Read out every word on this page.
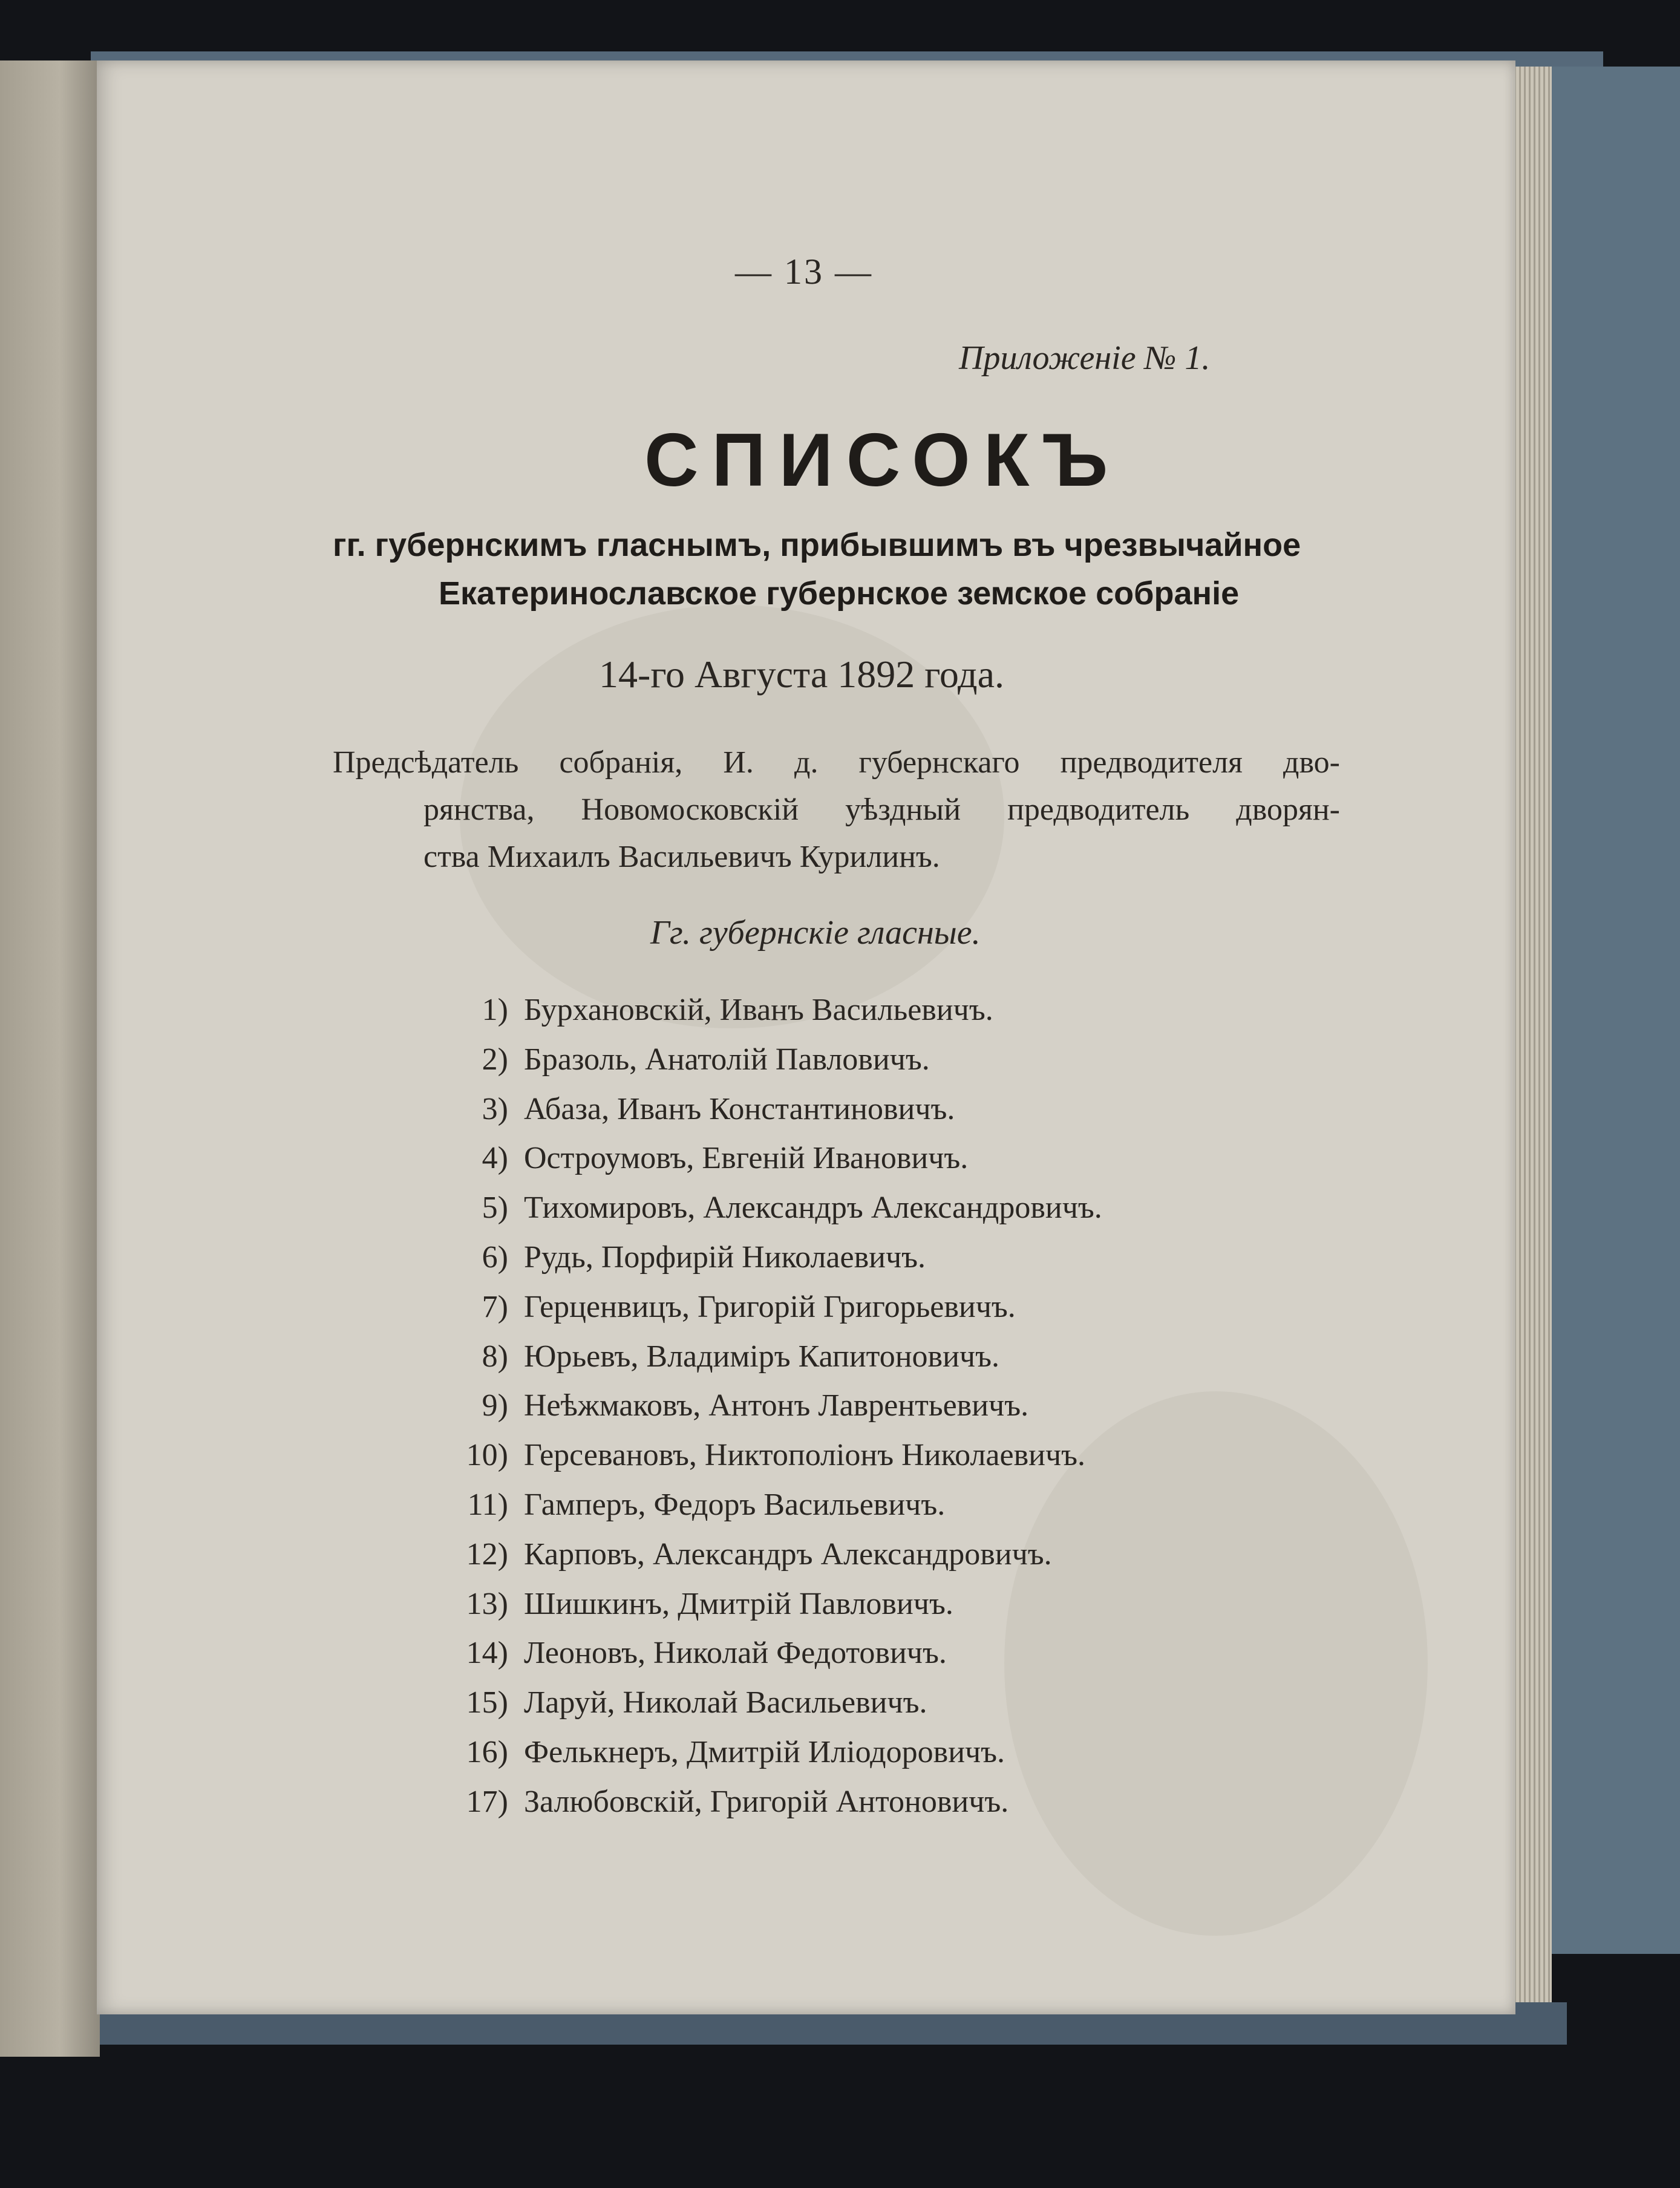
— 13 —
Приложенiе № 1.
СПИСОКЪ
гг. губернскимъ гласнымъ, прибывшимъ въ чрезвычайное
Екатеринославское губернское земское собранiе
14-го Августа 1892 года.
Предсѣдатель собранiя, И. д. губернскаго предводителя дво-
рянства, Новомосковскiй уѣздный предводитель дворян-
ства Михаилъ Васильевичъ Курилинъ.
Гг. губернскiе гласные.
1) Бурхановскiй, Иванъ Васильевичъ.
2) Бразоль, Анатолiй Павловичъ.
3) Абаза, Иванъ Константиновичъ.
4) Остроумовъ, Евгенiй Ивановичъ.
5) Тихомировъ, Александръ Александровичъ.
6) Рудь, Порфирiй Николаевичъ.
7) Герценвицъ, Григорiй Григорьевичъ.
8) Юрьевъ, Владимiръ Капитоновичъ.
9) Неѣжмаковъ, Антонъ Лаврентьевичъ.
10) Герсевановъ, Никтополiонъ Николаевичъ.
11) Гамперъ, Федоръ Васильевичъ.
12) Карповъ, Александръ Александровичъ.
13) Шишкинъ, Дмитрiй Павловичъ.
14) Леоновъ, Николай Федотовичъ.
15) Ларуй, Николай Васильевичъ.
16) Фелькнеръ, Дмитрiй Илiодоровичъ.
17) Залюбовскiй, Григорiй Антоновичъ.
